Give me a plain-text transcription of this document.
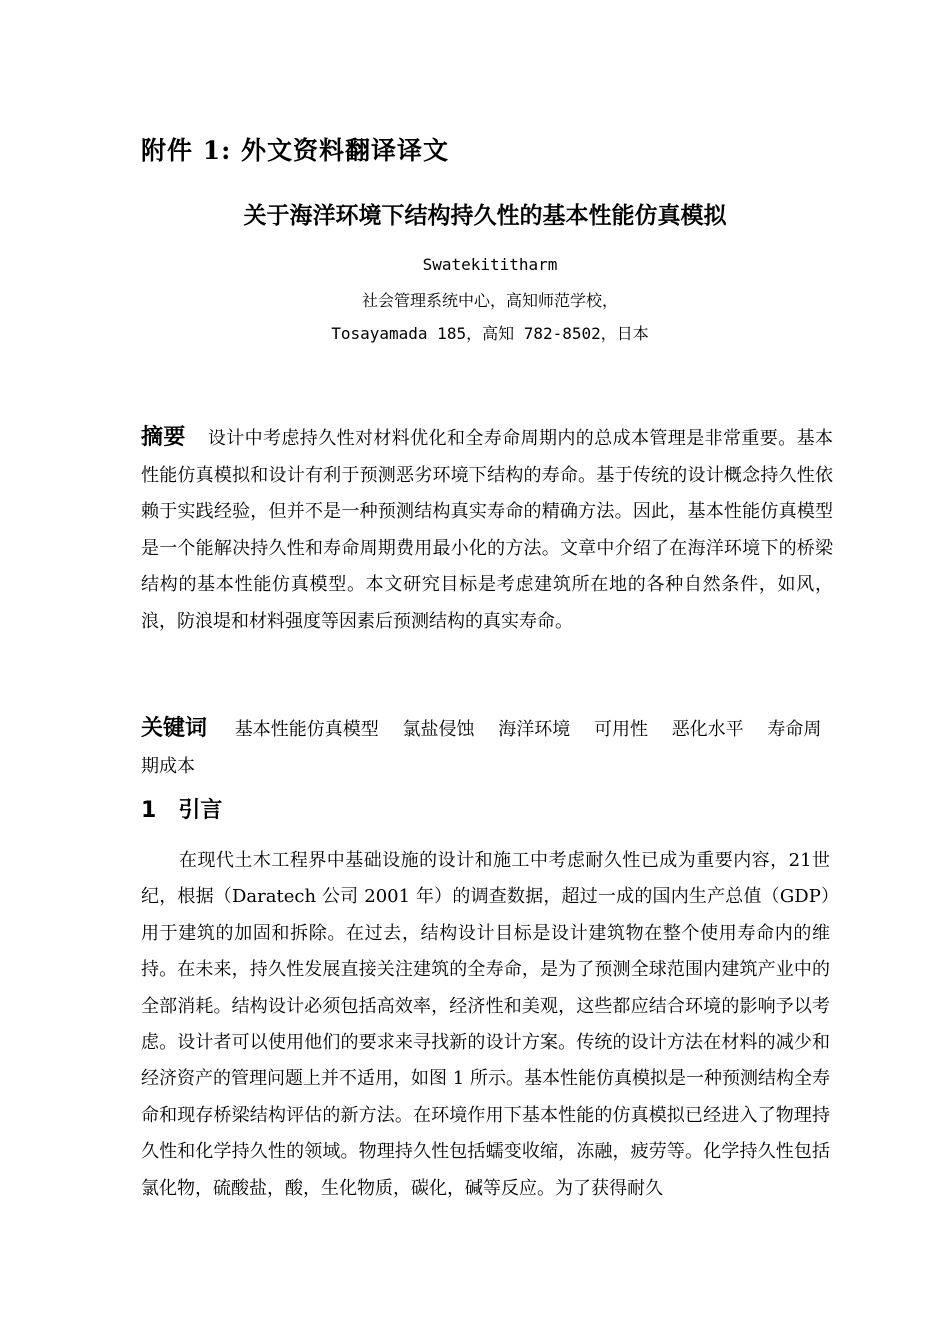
附件 1: 外文资料翻译译文
关于海洋环境下结构持久性的基本性能仿真模拟
Swatekititharm
社会管理系统中心，高知师范学校，
Tosayamada 185，高知 782-8502，日本
摘要 设计中考虑持久性对材料优化和全寿命周期内的总成本管理是非常重要。基本性能仿真模拟和设计有利于预测恶劣环境下结构的寿命。基于传统的设计概念持久性依赖于实践经验，但并不是一种预测结构真实寿命的精确方法。因此，基本性能仿真模型是一个能解决持久性和寿命周期费用最小化的方法。文章中介绍了在海洋环境下的桥梁结构的基本性能仿真模型。本文研究目标是考虑建筑所在地的各种自然条件，如风，浪，防浪堤和材料强度等因素后预测结构的真实寿命。
关键词 基本性能仿真模型 氯盐侵蚀 海洋环境 可用性 恶化水平 寿命周期成本
1 引言
在现代土木工程界中基础设施的设计和施工中考虑耐久性已成为重要内容，21世纪，根据（Daratech 公司 2001 年）的调查数据，超过一成的国内生产总值（GDP）用于建筑的加固和拆除。在过去，结构设计目标是设计建筑物在整个使用寿命内的维持。在未来，持久性发展直接关注建筑的全寿命，是为了预测全球范围内建筑产业中的全部消耗。结构设计必须包括高效率，经济性和美观，这些都应结合环境的影响予以考虑。设计者可以使用他们的要求来寻找新的设计方案。传统的设计方法在材料的减少和经济资产的管理问题上并不适用，如图 1 所示。基本性能仿真模拟是一种预测结构全寿命和现存桥梁结构评估的新方法。在环境作用下基本性能的仿真模拟已经进入了物理持久性和化学持久性的领域。物理持久性包括蠕变收缩，冻融，疲劳等。化学持久性包括氯化物，硫酸盐，酸，生化物质，碳化，碱等反应。为了获得耐久
